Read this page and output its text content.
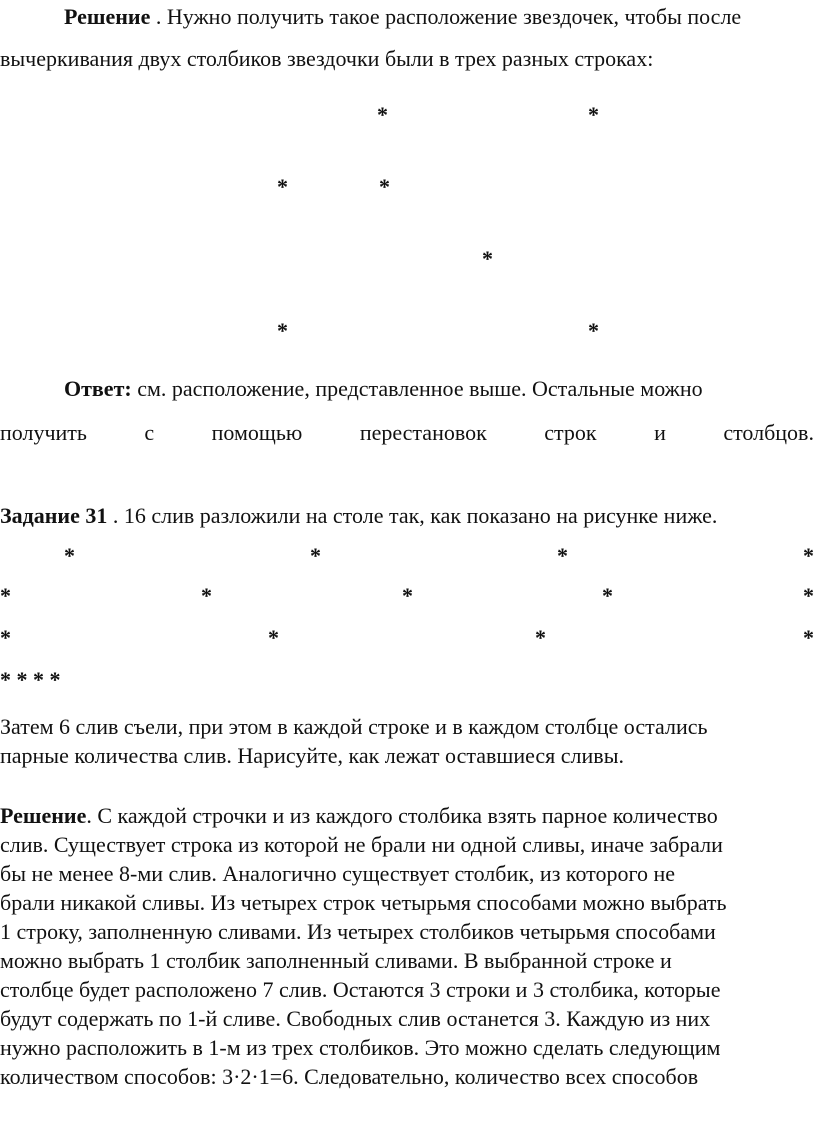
Решение . Нужно получить такое расположение звездочек, чтобы после
вычеркивания двух столбиков звездочки были в трех разных строках:
*	*
*	*
*
*	*
Ответ: см. расположение, представленное выше. Остальные можно
получить	с	помощью	перестановок	строк	и	столбцов.
Задание 31 . 16 слив разложили на столе так, как показано на рисунке ниже.
*	*	*	*
*	*	*	*	*
*	*	*	*
* * * *
Затем 6 слив съели, при этом в каждой строке и в каждом столбце остались
парные количества слив. Нарисуйте, как лежат оставшиеся сливы.
Решение. С каждой строчки и из каждого столбика взять парное количество
слив. Существует строка из которой не брали ни одной сливы, иначе забрали
бы не менее 8-ми слив. Аналогично существует столбик, из которого не
брали никакой сливы. Из четырех строк четырьмя способами можно выбрать
1 строку, заполненную сливами. Из четырех столбиков четырьмя способами
можно выбрать 1 столбик заполненный сливами. В выбранной строке и
столбце будет расположено 7 слив. Остаются 3 строки и 3 столбика, которые
будут содержать по 1-й сливе. Свободных слив останется 3. Каждую из них
нужно расположить в 1-м из трех столбиков. Это можно сделать следующим
количеством способов: 3·2·1=6. Следовательно, количество всех способов
